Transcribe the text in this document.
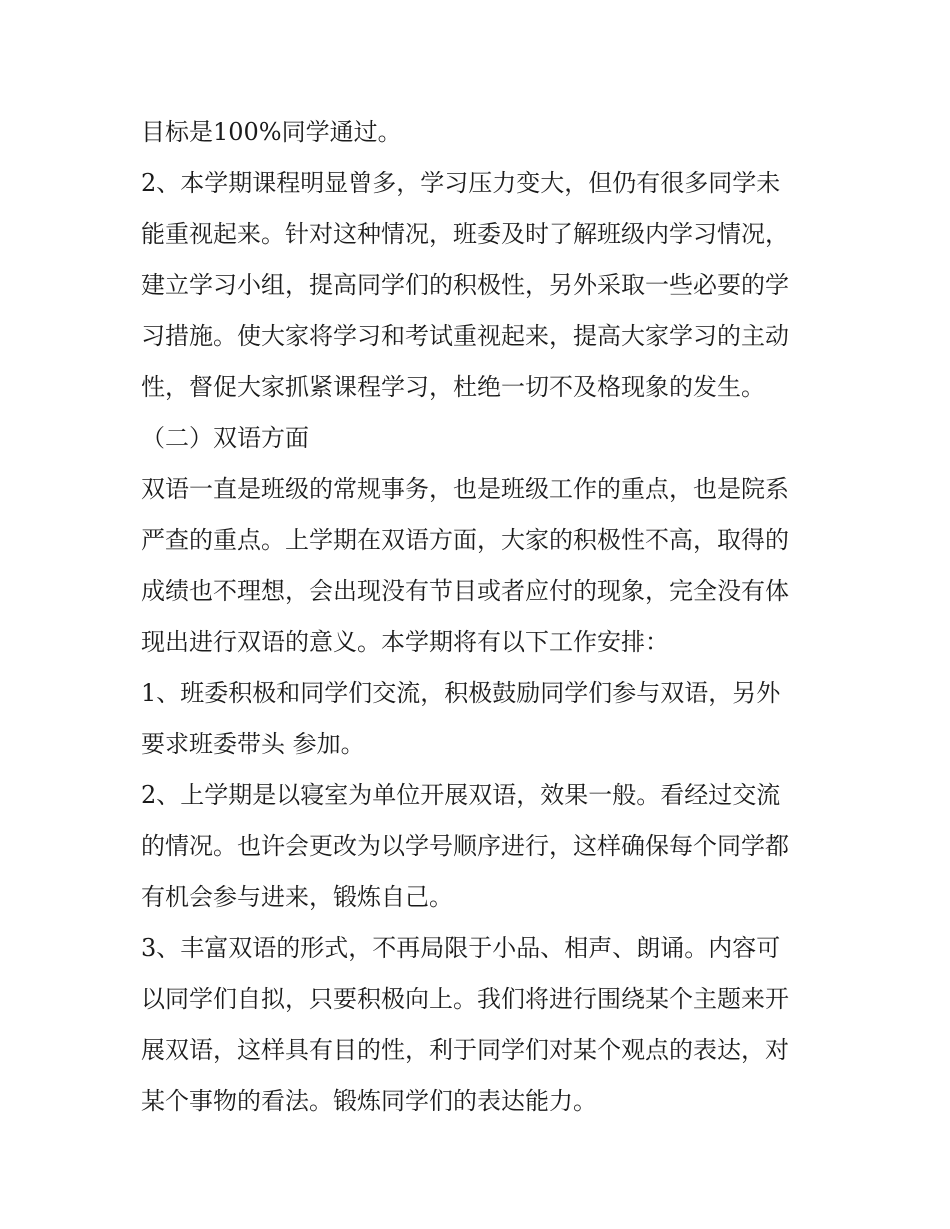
目标是100%同学通过。
2、本学期课程明显曾多，学习压力变大，但仍有很多同学未
能重视起来。针对这种情况，班委及时了解班级内学习情况，
建立学习小组，提高同学们的积极性，另外采取一些必要的学
习措施。使大家将学习和考试重视起来，提高大家学习的主动
性，督促大家抓紧课程学习，杜绝一切不及格现象的发生。
（二）双语方面
双语一直是班级的常规事务，也是班级工作的重点，也是院系
严查的重点。上学期在双语方面，大家的积极性不高，取得的
成绩也不理想，会出现没有节目或者应付的现象，完全没有体
现出进行双语的意义。本学期将有以下工作安排：
1、班委积极和同学们交流，积极鼓励同学们参与双语，另外
要求班委带头 参加。
2、上学期是以寝室为单位开展双语，效果一般。看经过交流
的情况。也许会更改为以学号顺序进行，这样确保每个同学都
有机会参与进来，锻炼自己。
3、丰富双语的形式，不再局限于小品、相声、朗诵。内容可
以同学们自拟，只要积极向上。我们将进行围绕某个主题来开
展双语，这样具有目的性，利于同学们对某个观点的表达，对
某个事物的看法。锻炼同学们的表达能力。
